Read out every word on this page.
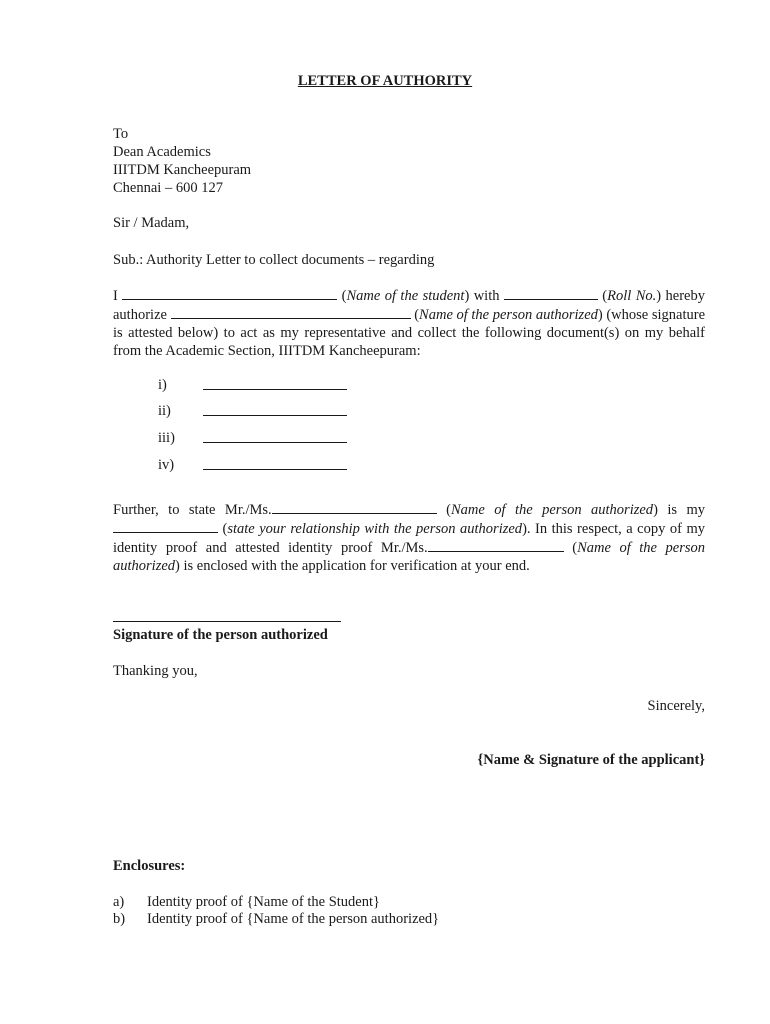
LETTER OF AUTHORITY
To
Dean Academics
IIITDM Kancheepuram
Chennai – 600 127
Sir / Madam,
Sub.: Authority Letter to collect documents – regarding
I	(Name of the student) with	(Roll No.) hereby authorize	(Name of the person authorized) (whose signature is attested below) to act as my representative and collect the following document(s) on my behalf from the Academic Section, IIITDM Kancheepuram:
i)
ii)
iii)
iv)
Further, to state Mr./Ms.	(Name of the person authorized) is my  (state your relationship with the person authorized). In this respect, a copy of my identity proof and attested identity proof Mr./Ms.	(Name of the person authorized) is enclosed with the application for verification at your end.
Signature of the person authorized
Thanking you,
Sincerely,
{Name & Signature of the applicant}
Enclosures:
a) Identity proof of {Name of the Student}
b) Identity proof of {Name of the person authorized}
